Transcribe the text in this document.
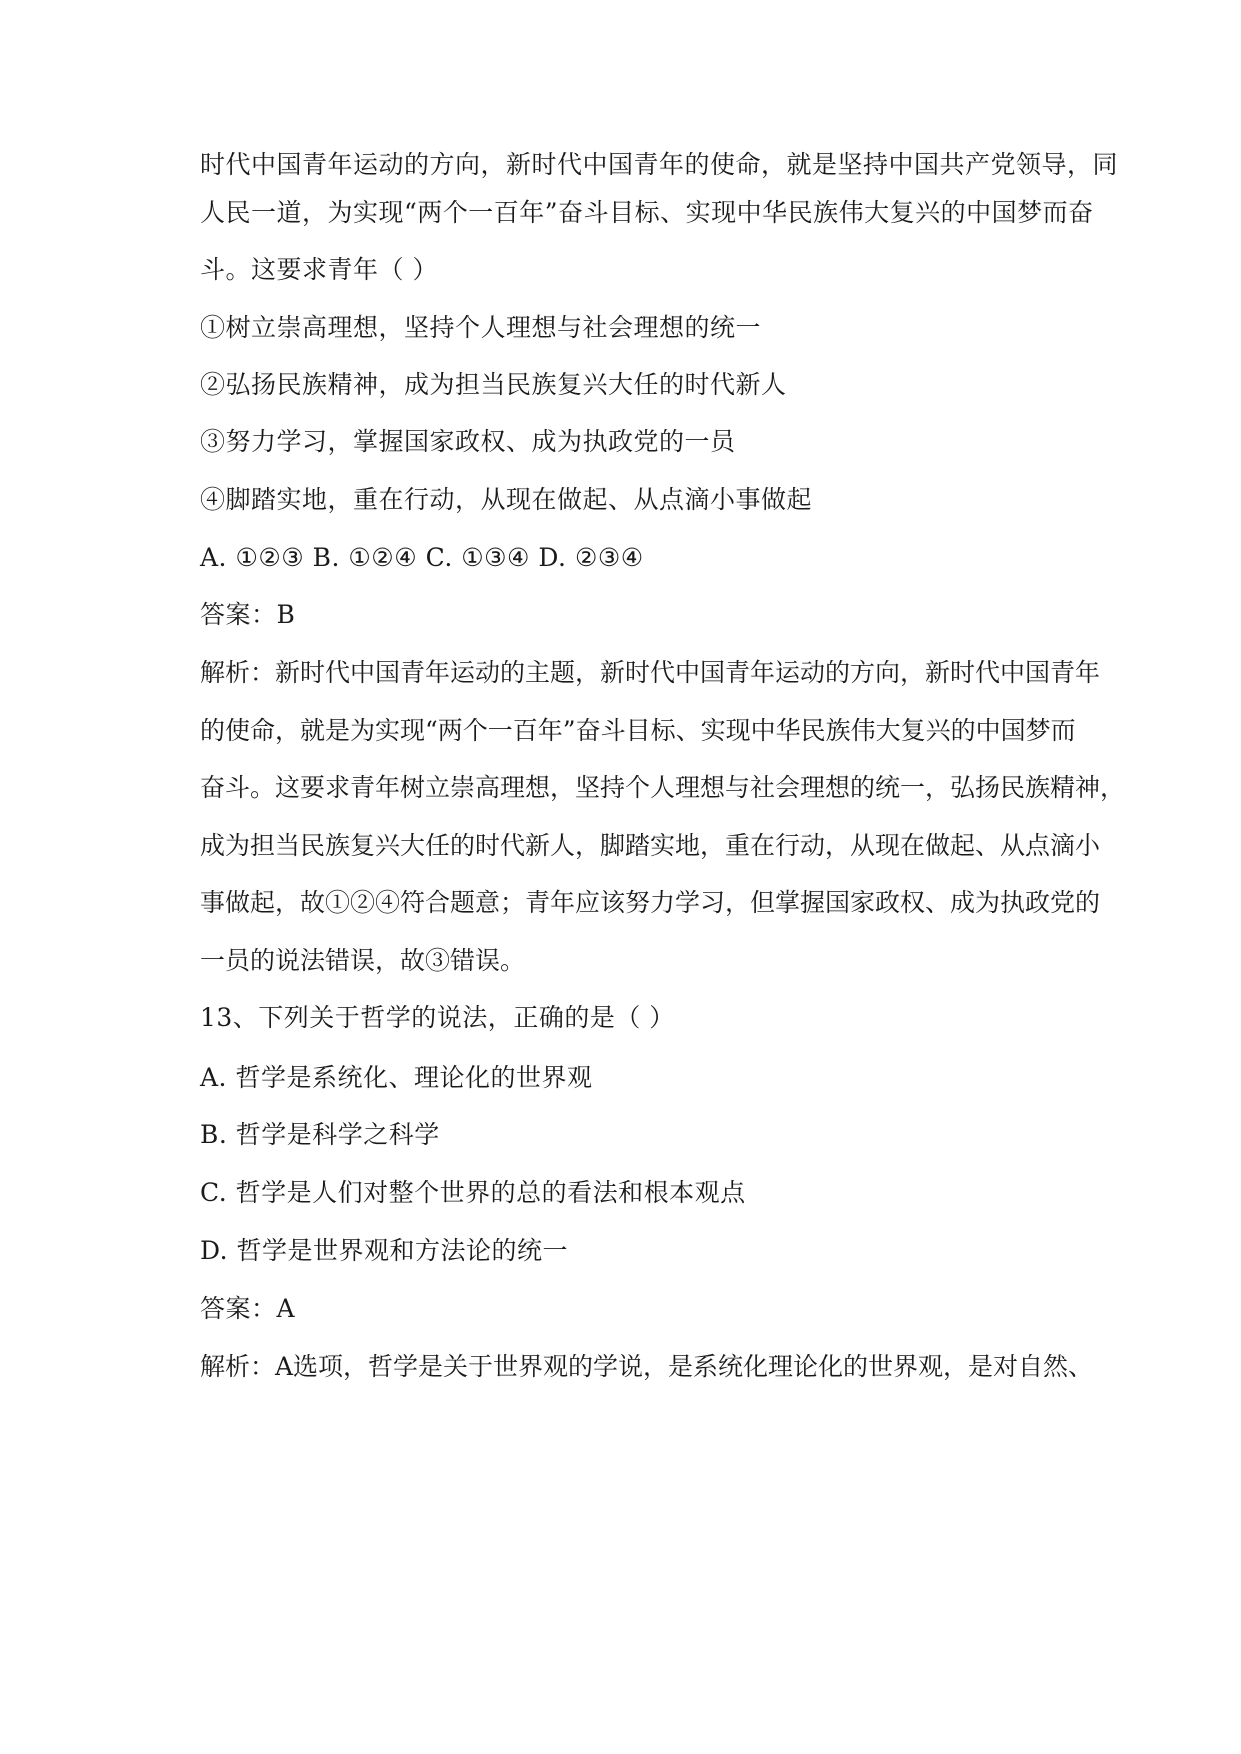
时代中国青年运动的方向，新时代中国青年的使命，就是坚持中国共产党领导，同
人民一道，为实现“两个一百年”奋斗目标、实现中华民族伟大复兴的中国梦而奋
斗。这要求青年（ ）
①树立崇高理想，坚持个人理想与社会理想的统一
②弘扬民族精神，成为担当民族复兴大任的时代新人
③努力学习，掌握国家政权、成为执政党的一员
④脚踏实地，重在行动，从现在做起、从点滴小事做起
A. ①②③ B. ①②④ C. ①③④ D. ②③④
答案：B
解析：新时代中国青年运动的主题，新时代中国青年运动的方向，新时代中国青年
的使命，就是为实现“两个一百年”奋斗目标、实现中华民族伟大复兴的中国梦而
奋斗。这要求青年树立崇高理想，坚持个人理想与社会理想的统一，弘扬民族精神，
成为担当民族复兴大任的时代新人，脚踏实地，重在行动，从现在做起、从点滴小
事做起，故①②④符合题意；青年应该努力学习，但掌握国家政权、成为执政党的
一员的说法错误，故③错误。
13、下列关于哲学的说法，正确的是（ ）
A. 哲学是系统化、理论化的世界观
B. 哲学是科学之科学
C. 哲学是人们对整个世界的总的看法和根本观点
D. 哲学是世界观和方法论的统一
答案：A
解析：A选项，哲学是关于世界观的学说，是系统化理论化的世界观，是对自然、
